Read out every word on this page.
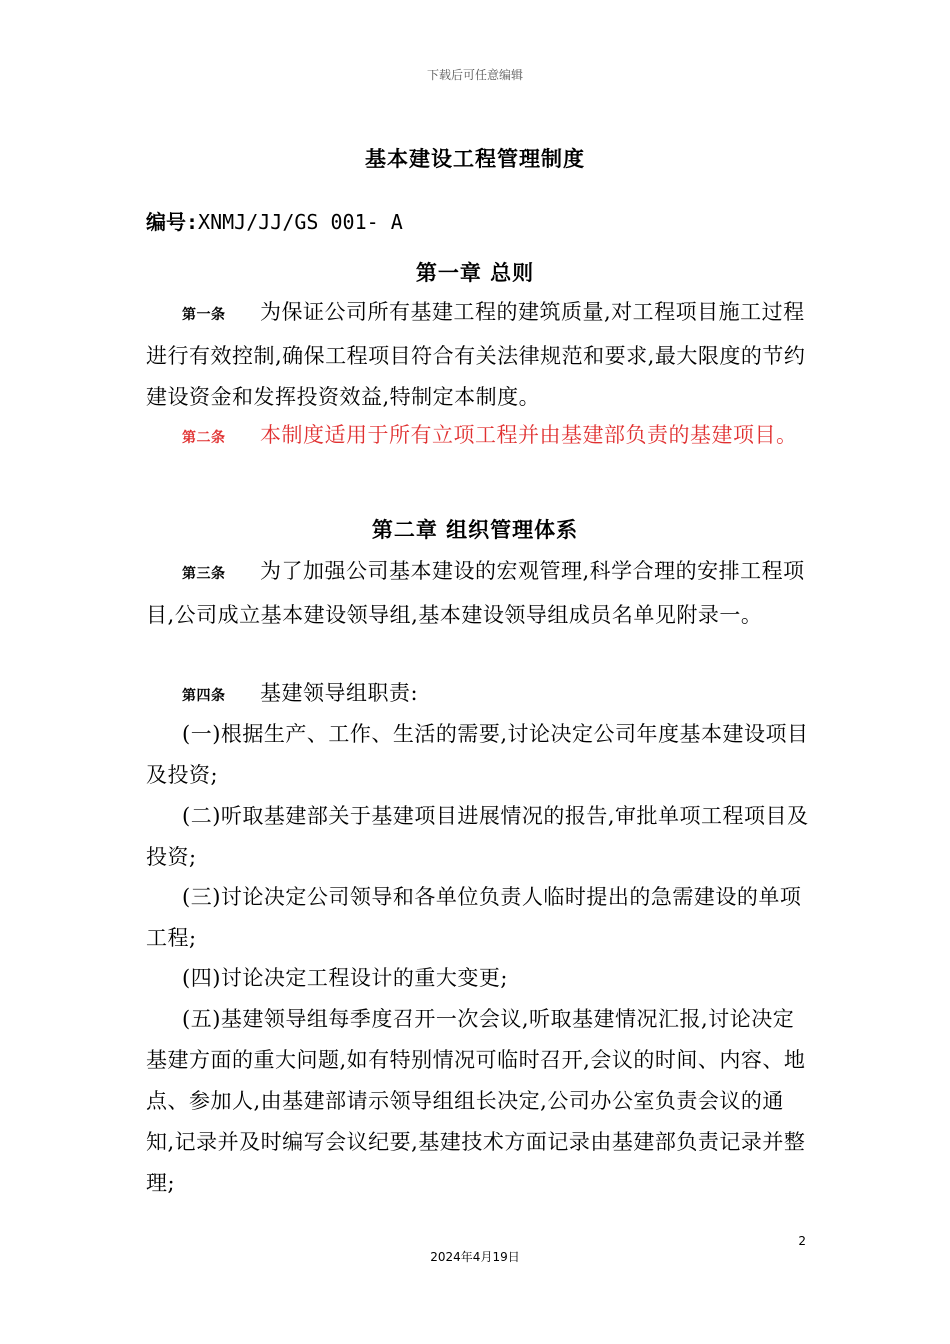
下载后可任意编辑
基本建设工程管理制度
编号:XNMJ/JJ/GS 001- A
第一章 总则
第一条 为保证公司所有基建工程的建筑质量,对工程项目施工过程进行有效控制,确保工程项目符合有关法律规范和要求,最大限度的节约建设资金和发挥投资效益,特制定本制度。
第二条 本制度适用于所有立项工程并由基建部负责的基建项目。
第二章 组织管理体系
第三条 为了加强公司基本建设的宏观管理,科学合理的安排工程项目,公司成立基本建设领导组,基本建设领导组成员名单见附录一。
第四条 基建领导组职责:
(一)根据生产、工作、生活的需要,讨论决定公司年度基本建设项目及投资;
(二)听取基建部关于基建项目进展情况的报告,审批单项工程项目及投资;
(三)讨论决定公司领导和各单位负责人临时提出的急需建设的单项工程;
(四)讨论决定工程设计的重大变更;
(五)基建领导组每季度召开一次会议,听取基建情况汇报,讨论决定基建方面的重大问题,如有特别情况可临时召开,会议的时间、内容、地点、参加人,由基建部请示领导组组长决定,公司办公室负责会议的通知,记录并及时编写会议纪要,基建技术方面记录由基建部负责记录并整理;
2
2024年4月19日
